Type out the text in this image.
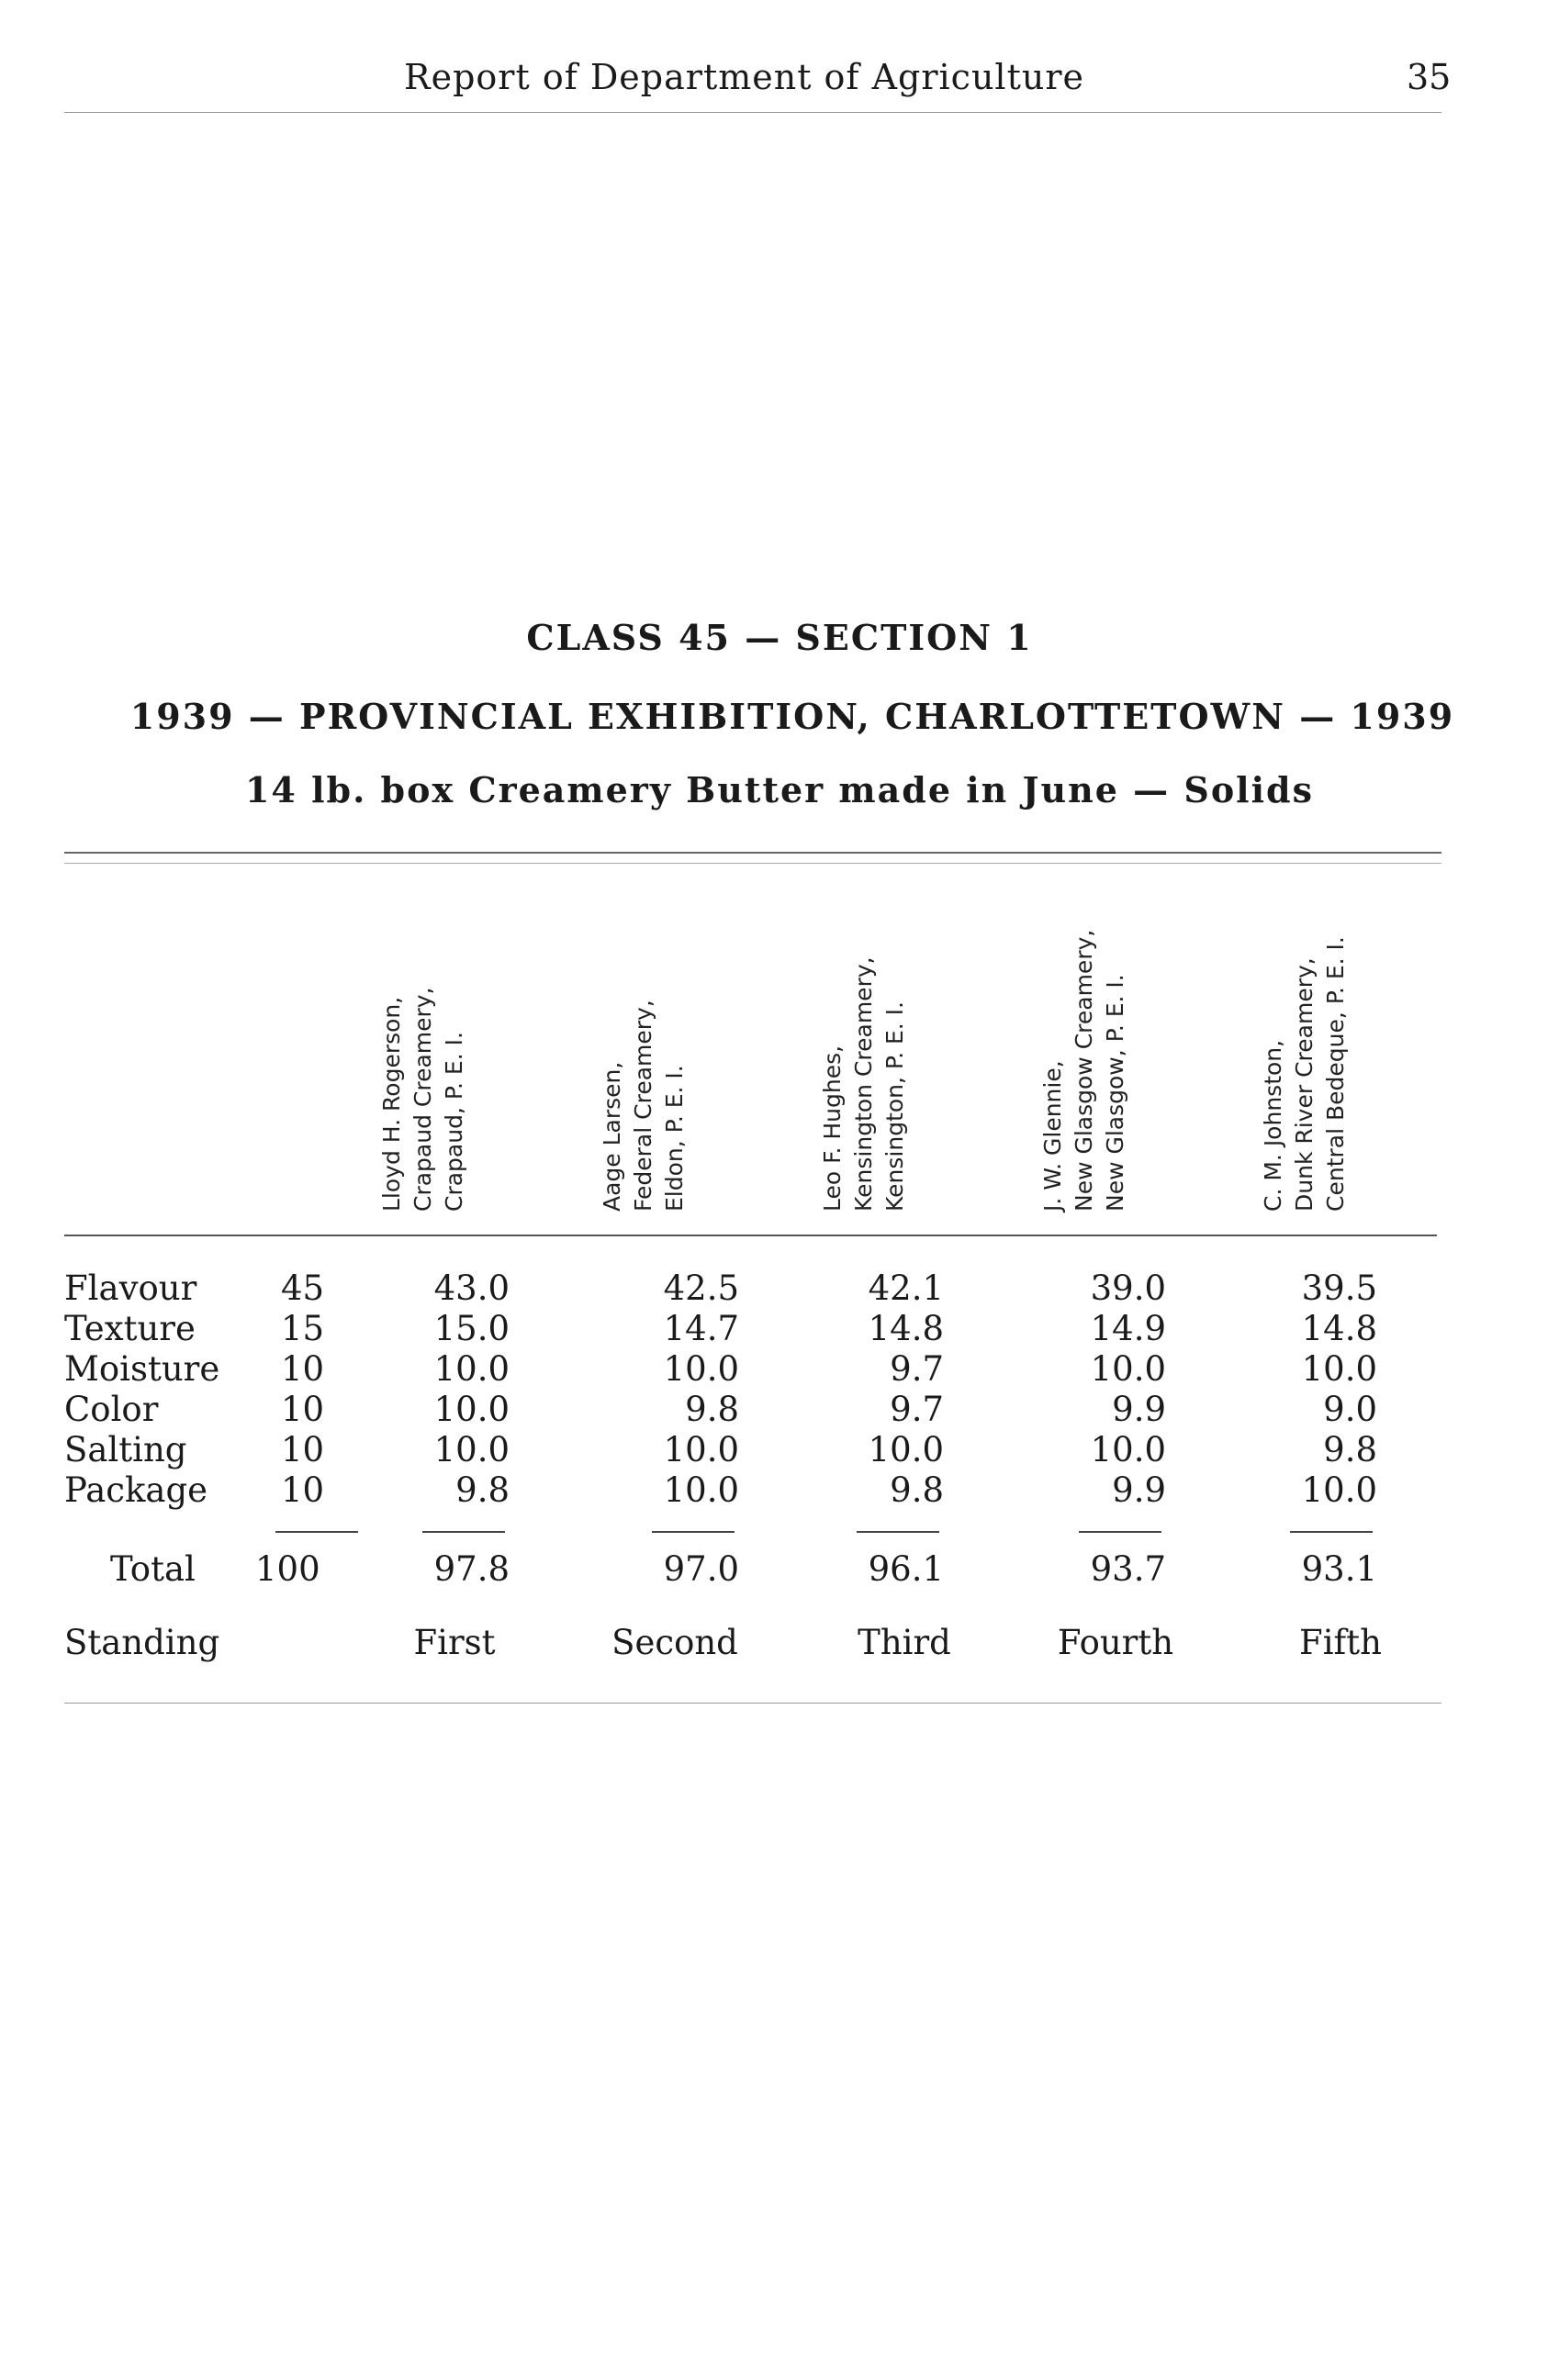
Report of Department of Agriculture	35
CLASS 45 — SECTION 1
1939 — PROVINCIAL EXHIBITION, CHARLOTTETOWN — 1939
14 lb. box Creamery Butter made in June — Solids
Lloyd H. Rogerson, Crapaud Creamery, Crapaud, P. E. I.	Aage Larsen, Federal Creamery, Eldon, P. E. I.	Leo F. Hughes, Kensington Creamery, Kensington, P. E. I.	J. W. Glennie, New Glasgow Creamery, New Glasgow, P. E. I.	C. M. Johnston, Dunk River Creamery, Central Bedeque, P. E. I.
Flavour 45	43.0	42.5	42.1	39.0	39.5
Texture	15	15.0	14.7	14.8	14.9	14.8
Moisture 10	10.0	10.0	9.7	10.0	10.0
Color	10	10.0	9.8	9.7	9.9	9.0
Salting	10	10.0	10.0	10.0	10.0	9.8
Package 10	9.8	10.0	9.8	9.9	10.0
Total 100	97.8	97.0	96.1	93.7	93.1
Standing	First	Second	Third	Fourth	Fifth
